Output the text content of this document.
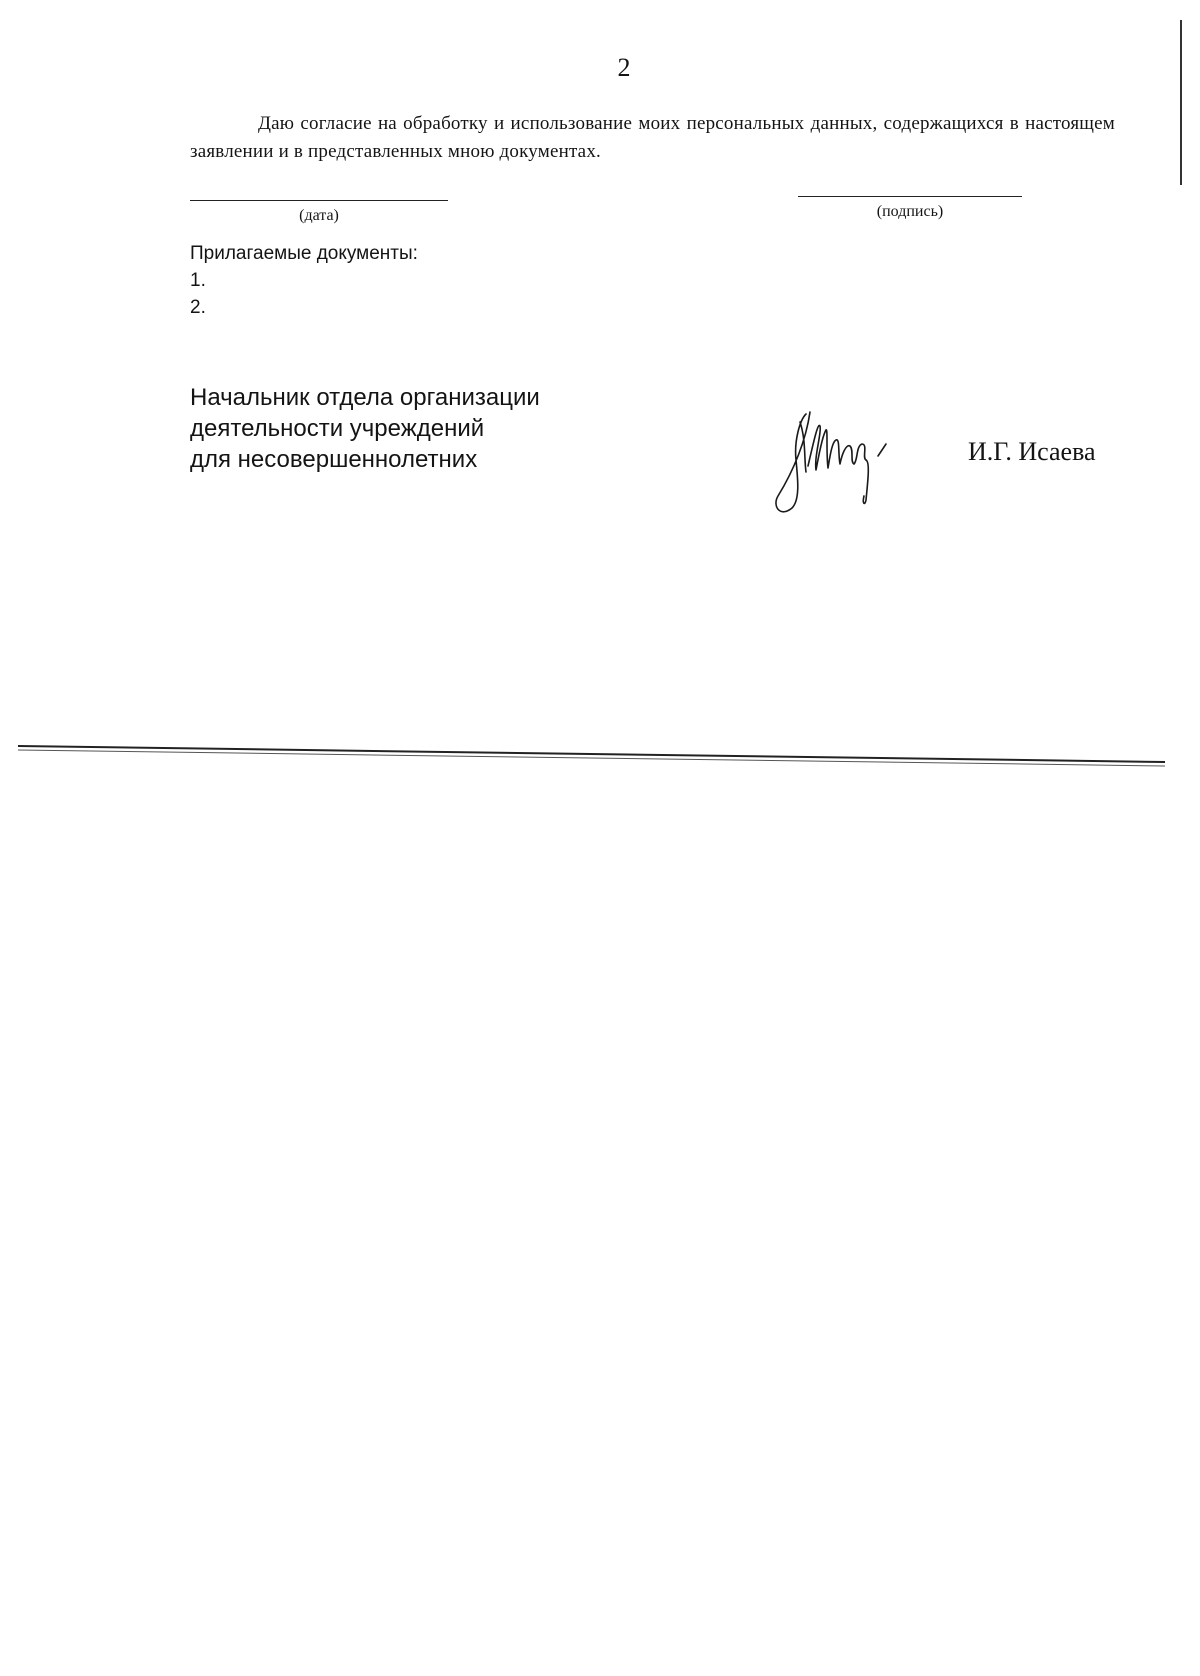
2
Даю согласие на обработку и использование моих персональных данных, содержащихся в настоящем заявлении и в представленных мною документах.
(дата)	(подпись)
Прилагаемые документы:
1.
2.
Начальник отдела организации
деятельности учреждений
для несовершеннолетних	И.Г. Исаева
